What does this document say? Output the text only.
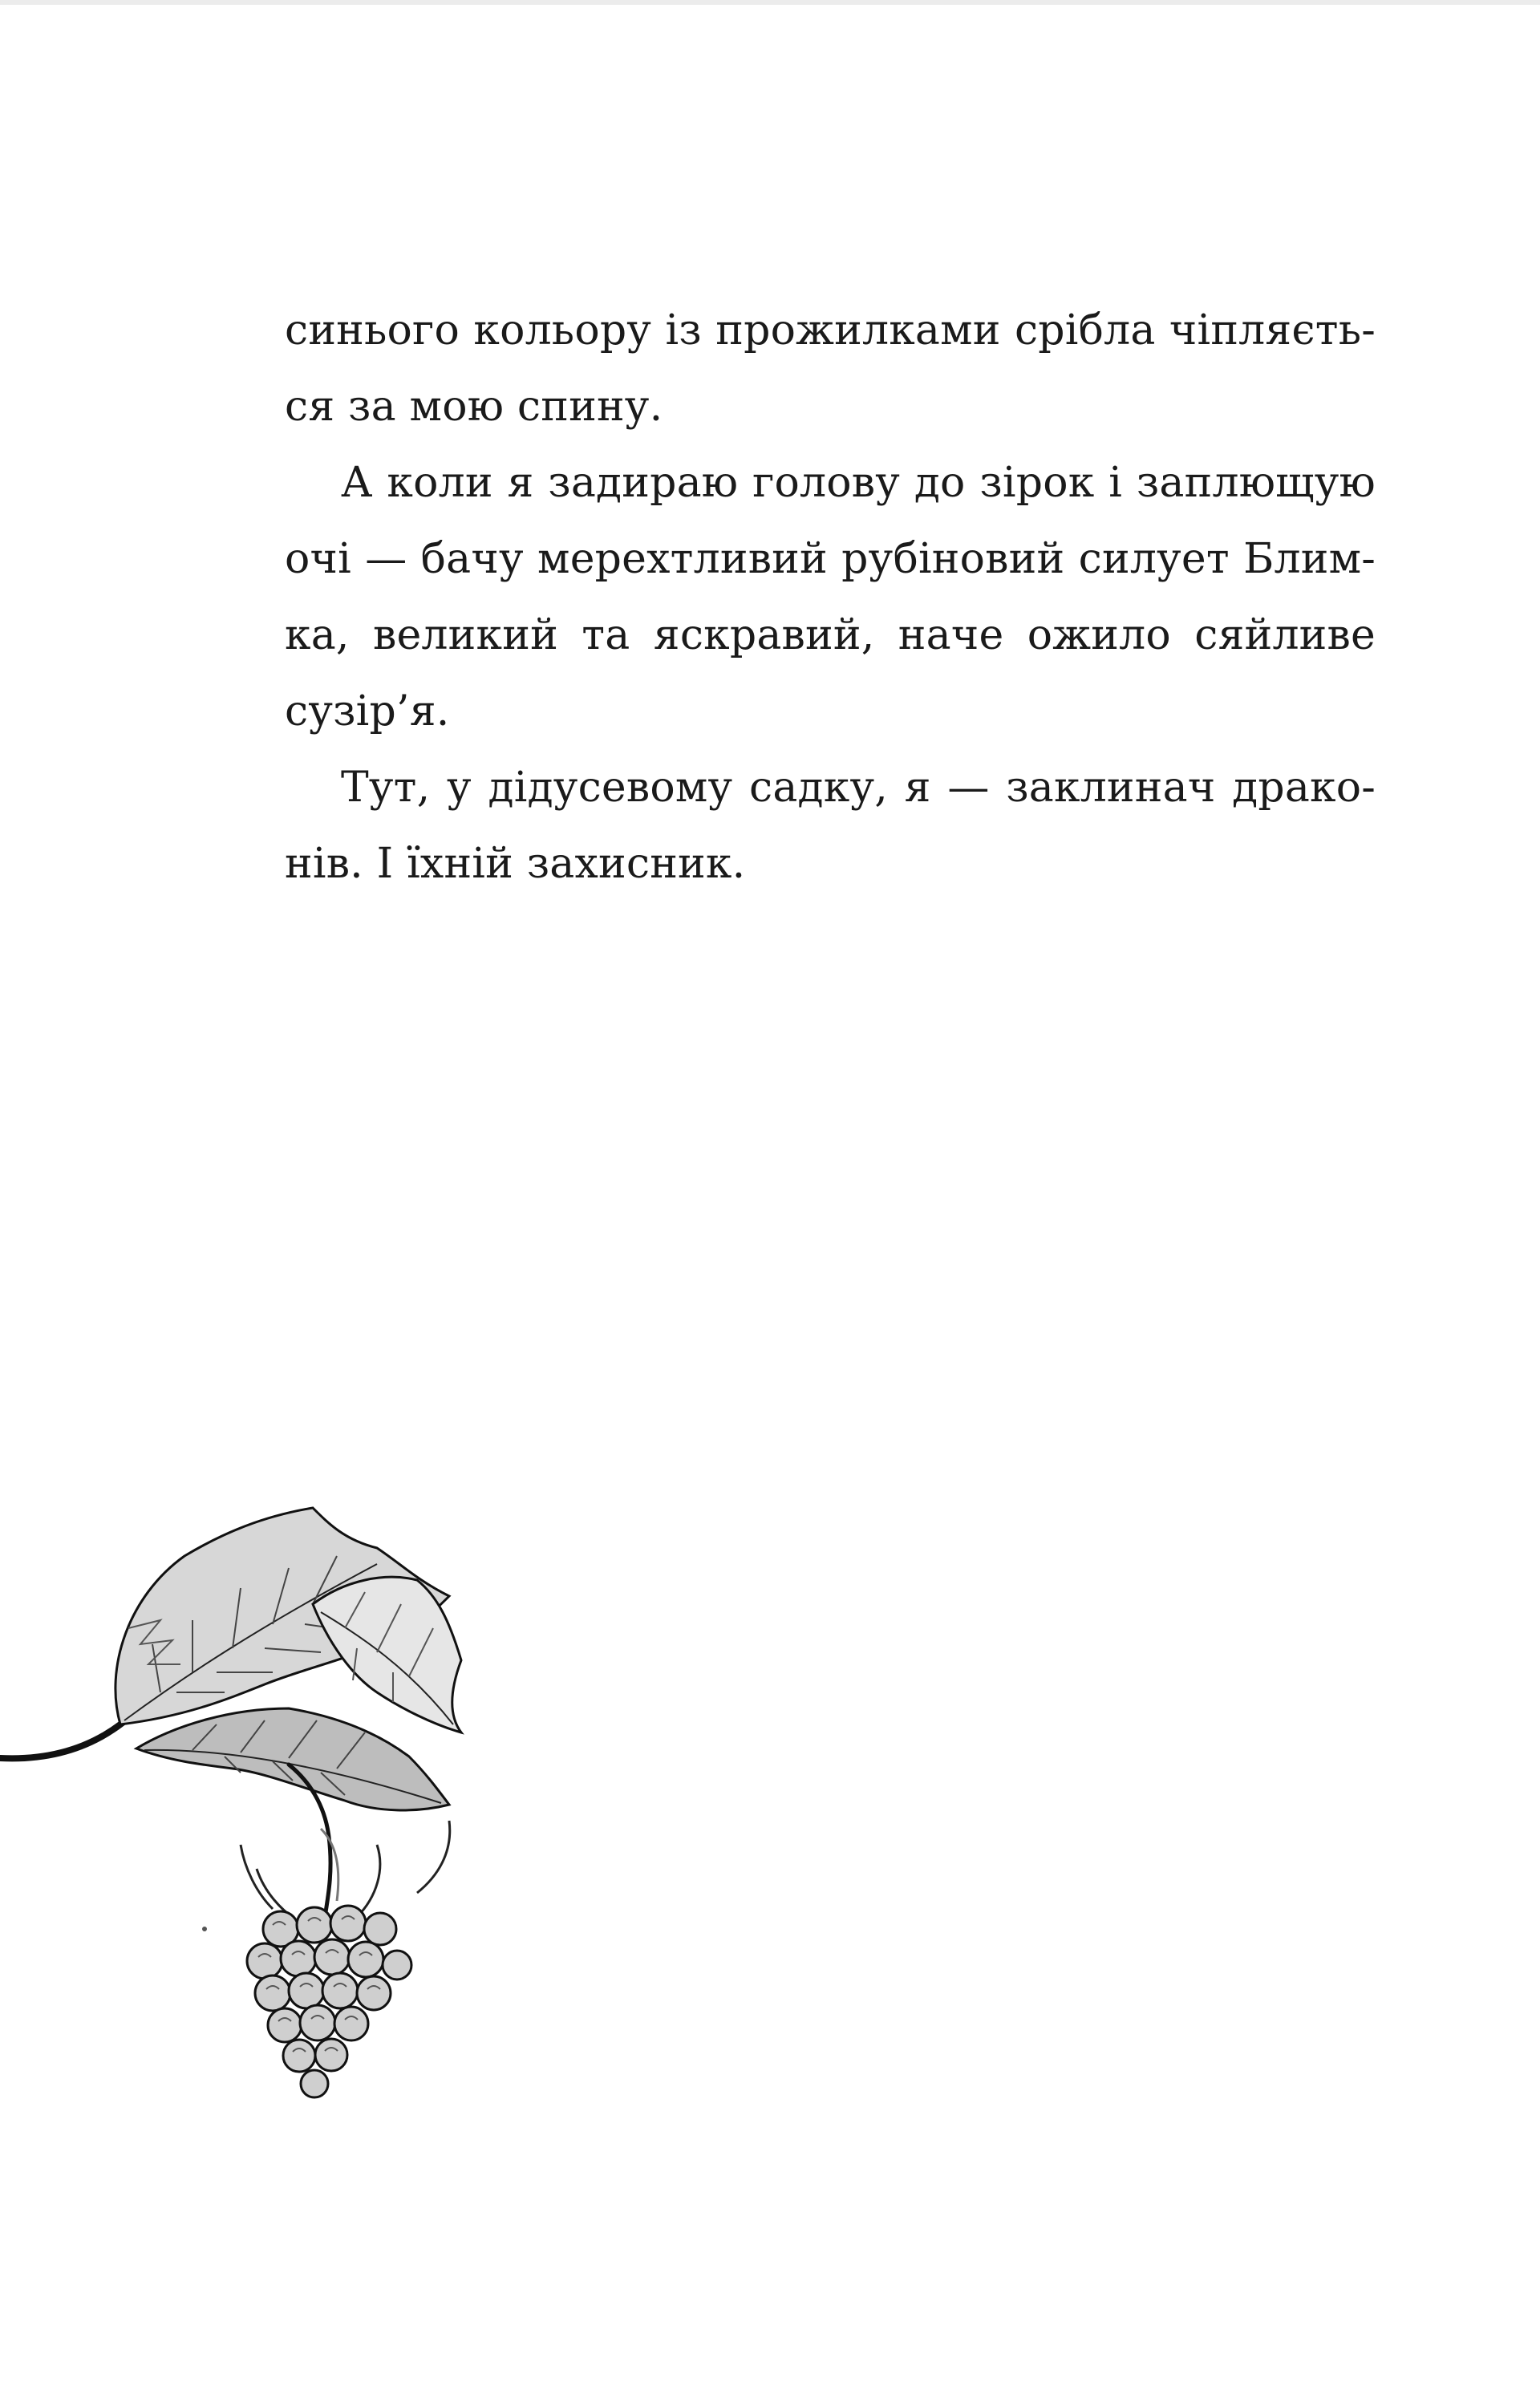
синього кольору із прожилками срібла чіпляєть-
ся за мою спину.

А коли я задираю голову до зірок і заплющую
очі — бачу мерехтливий рубіновий силует Блим-
ка, великий та яскравий, наче ожило сяйливе
сузір’я.

Тут, у дідусевому садку, я — заклинач драко-
нів. І їхній захисник.
